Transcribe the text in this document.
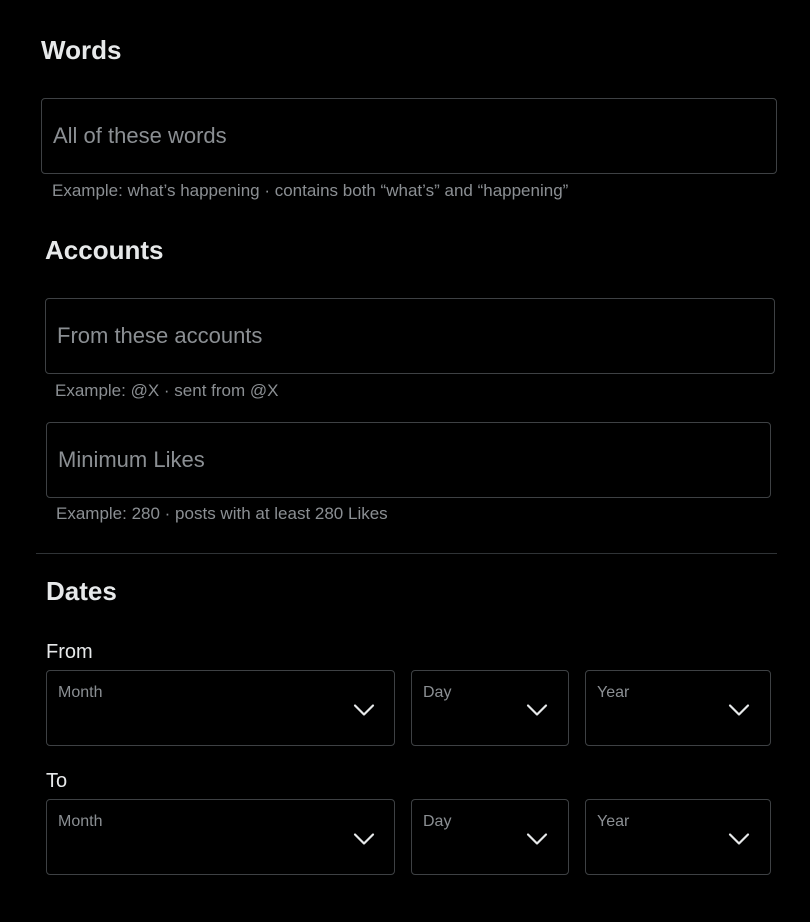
Words
All of these words
Example: what’s happening · contains both “what’s” and “happening”
Accounts
From these accounts
Example: @X · sent from @X
Minimum Likes
Example: 280 · posts with at least 280 Likes
Dates
From
Month	Day	Year
To
Month	Day	Year
